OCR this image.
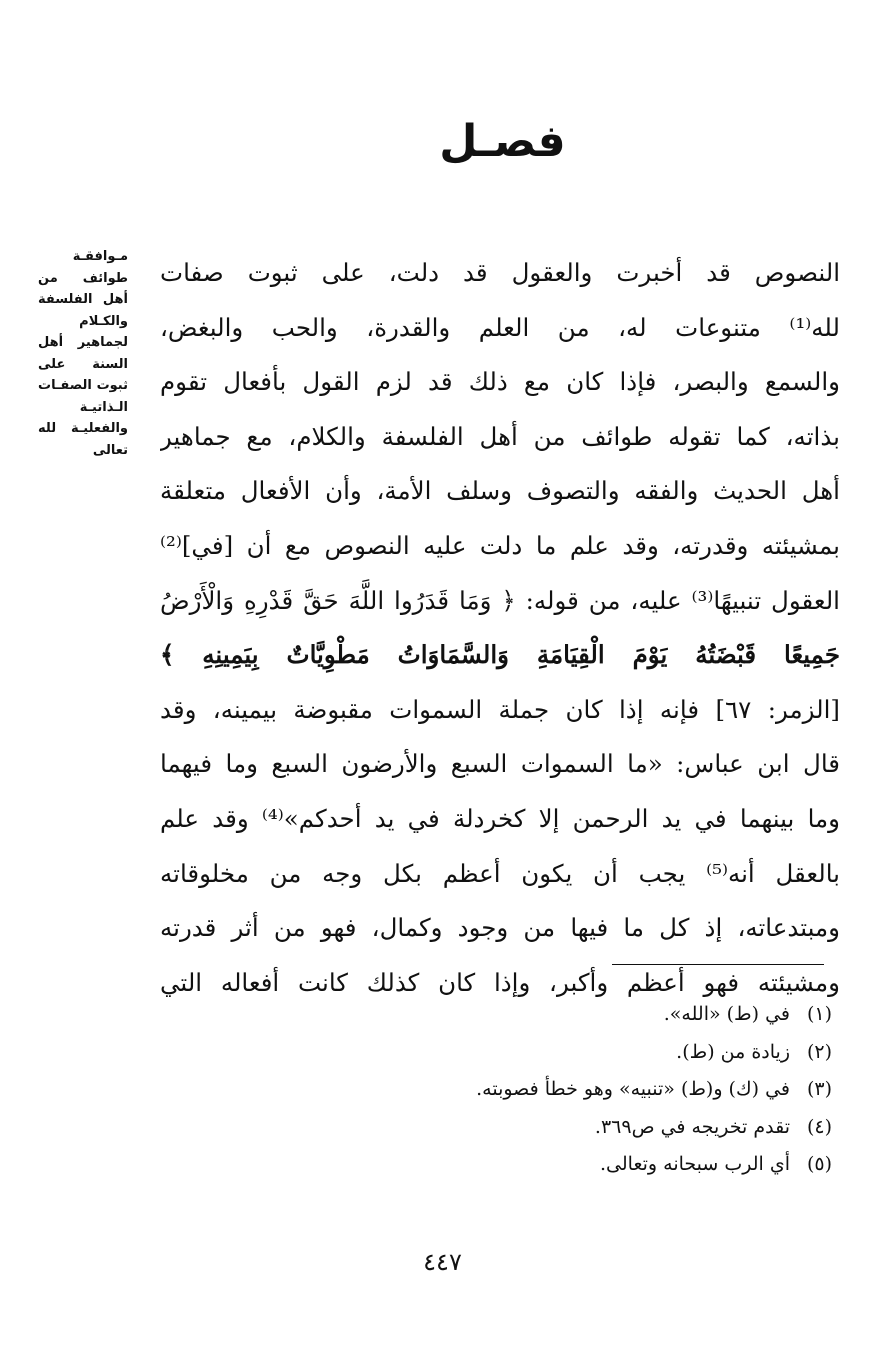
فصـل
مـوافقـة طوائف من أهل الفلسفة والكـلام لجماهير أهل السنة على ثبوت الصفـات الـذاتيـة والفعليـة لله تعالى
النصوص قد أخبرت والعقول قد دلت، على ثبوت صفات
لله⁽¹⁾ متنوعات له، من العلم والقدرة، والحب والبغض،
والسمع والبصر، فإذا كان مع ذلك قد لزم القول بأفعال تقوم
بذاته، كما تقوله طوائف من أهل الفلسفة والكلام، مع جماهير
أهل الحديث والفقه والتصوف وسلف الأمة، وأن الأفعال متعلقة
بمشيئته وقدرته، وقد علم ما دلت عليه النصوص مع أن [في]⁽²⁾
العقول تنبيهًا⁽³⁾ عليه، من قوله: ﴿ وَمَا قَدَرُوا اللَّهَ حَقَّ قَدْرِهِ وَالْأَرْضُ
جَمِيعًا قَبْضَتُهُ يَوْمَ الْقِيَامَةِ وَالسَّمَاوَاتُ مَطْوِيَّاتٌ بِيَمِينِهِ ﴾
[الزمر: ٦٧] فإنه إذا كان جملة السموات مقبوضة بيمينه، وقد
قال ابن عباس: «ما السموات السبع والأرضون السبع وما فيهما
وما بينهما في يد الرحمن إلا كخردلة في يد أحدكم»⁽⁴⁾ وقد علم
بالعقل أنه⁽⁵⁾ يجب أن يكون أعظم بكل وجه من مخلوقاته
ومبتدعاته، إذ كل ما فيها من وجود وكمال، فهو من أثر قدرته
ومشيئته فهو أعظم وأكبر، وإذا كان كذلك كانت أفعاله التي
(١)
في (ط) «الله».
(٢)
زيادة من (ط).
(٣)
في (ك) و(ط) «تنبيه» وهو خطأ فصوبته.
(٤)
تقدم تخريجه في ص٣٦٩.
(٥)
أي الرب سبحانه وتعالى.
٤٤٧
